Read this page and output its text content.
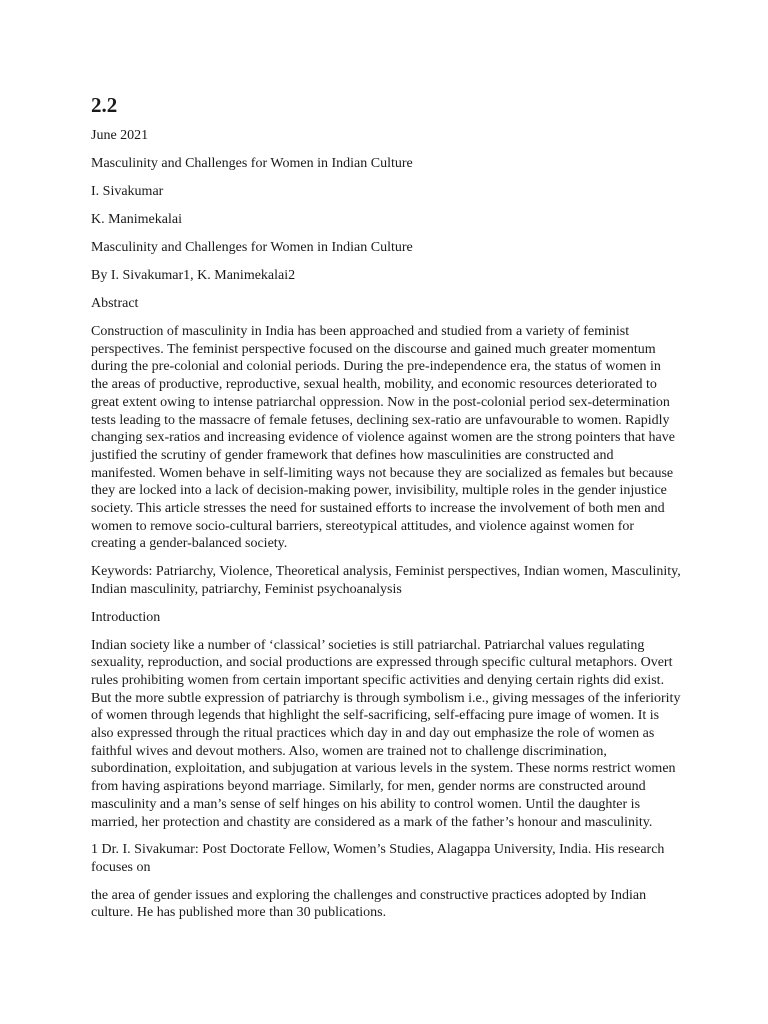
2.2
June 2021
Masculinity and Challenges for Women in Indian Culture
I. Sivakumar
K. Manimekalai
Masculinity and Challenges for Women in Indian Culture
By I. Sivakumar1, K. Manimekalai2
Abstract

Construction of masculinity in India has been approached and studied from a variety of feminist perspectives. The feminist perspective focused on the discourse and gained much greater momentum during the pre-colonial and colonial periods. During the pre-independence era, the status of women in the areas of productive, reproductive, sexual health, mobility, and economic resources deteriorated to great extent owing to intense patriarchal oppression. Now in the post-colonial period sex-determination tests leading to the massacre of female fetuses, declining sex-ratio are unfavourable to women. Rapidly changing sex-ratios and increasing evidence of violence against women are the strong pointers that have justified the scrutiny of gender framework that defines how masculinities are constructed and manifested. Women behave in self-limiting ways not because they are socialized as females but because they are locked into a lack of decision-making power, invisibility, multiple roles in the gender injustice society. This article stresses the need for sustained efforts to increase the involvement of both men and women to remove socio-cultural barriers, stereotypical attitudes, and violence against women for creating a gender-balanced society.

Keywords: Patriarchy, Violence, Theoretical analysis, Feminist perspectives, Indian women, Masculinity, Indian masculinity, patriarchy, Feminist psychoanalysis

Introduction

Indian society like a number of ‘classical’ societies is still patriarchal. Patriarchal values regulating sexuality, reproduction, and social productions are expressed through specific cultural metaphors. Overt rules prohibiting women from certain important specific activities and denying certain rights did exist. But the more subtle expression of patriarchy is through symbolism i.e., giving messages of the inferiority of women through legends that highlight the self-sacrificing, self-effacing pure image of women. It is also expressed through the ritual practices which day in and day out emphasize the role of women as faithful wives and devout mothers. Also, women are trained not to challenge discrimination, subordination, exploitation, and subjugation at various levels in the system. These norms restrict women from having aspirations beyond marriage. Similarly, for men, gender norms are constructed around masculinity and a man’s sense of self hinges on his ability to control women. Until the daughter is married, her protection and chastity are considered as a mark of the father’s honour and masculinity.

1 Dr. I. Sivakumar: Post Doctorate Fellow, Women’s Studies, Alagappa University, India. His research focuses on

the area of gender issues and exploring the challenges and constructive practices adopted by Indian culture. He has published more than 30 publications.
